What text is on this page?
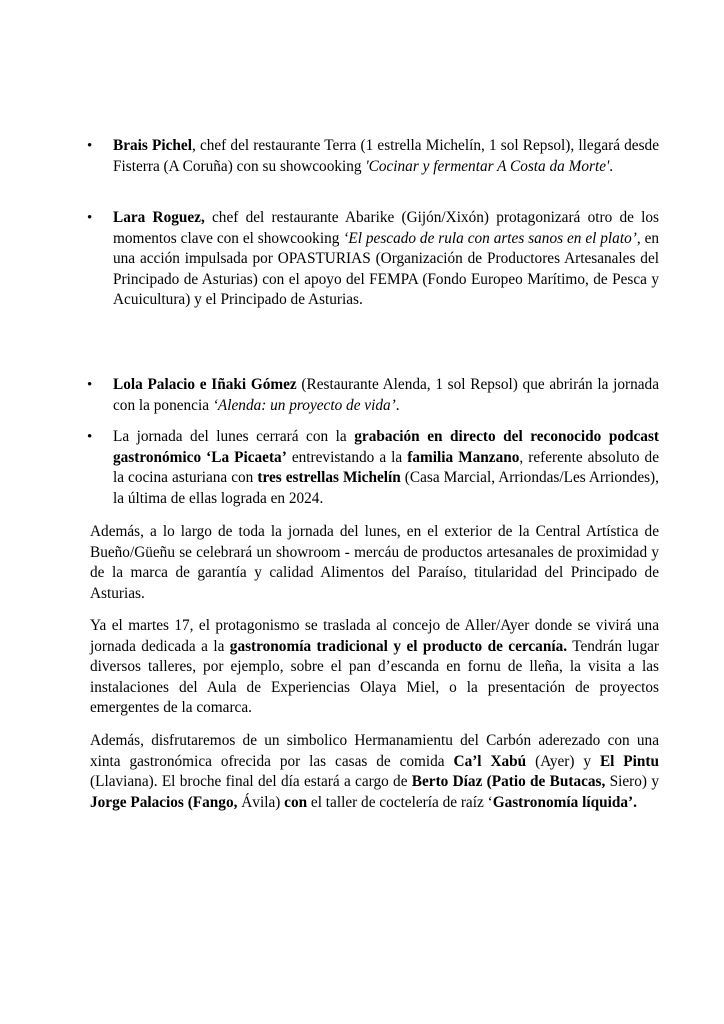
•	Brais Pichel, chef del restaurante Terra (1 estrella Michelín, 1 sol Repsol), llegará desde Fisterra (A Coruña) con su showcooking 'Cocinar y fermentar A Costa da Morte'.
•	Lara Roguez, chef del restaurante Abarike (Gijón/Xixón) protagonizará otro de los momentos clave con el showcooking ‘El pescado de rula con artes sanos en el plato’, en una acción impulsada por OPASTURIAS (Organización de Productores Artesanales del Principado de Asturias) con el apoyo del FEMPA (Fondo Europeo Marítimo, de Pesca y Acuicultura) y el Principado de Asturias.
•	Lola Palacio e Iñaki Gómez (Restaurante Alenda, 1 sol Repsol) que abrirán la jornada con la ponencia ‘Alenda: un proyecto de vida’.
•	La jornada del lunes cerrará con la grabación en directo del reconocido podcast gastronómico ‘La Picaeta’ entrevistando a la familia Manzano, referente absoluto de la cocina asturiana con tres estrellas Michelín (Casa Marcial, Arriondas/Les Arriondes), la última de ellas lograda en 2024.
Además, a lo largo de toda la jornada del lunes, en el exterior de la Central Artística de Bueño/Güeñu se celebrará un showroom - mercáu de productos artesanales de proximidad y de la marca de garantía y calidad Alimentos del Paraíso, titularidad del Principado de Asturias.
Ya el martes 17, el protagonismo se traslada al concejo de Aller/Ayer donde se vivirá una jornada dedicada a la gastronomía tradicional y el producto de cercanía. Tendrán lugar diversos talleres, por ejemplo, sobre el pan d’escanda en fornu de lleña, la visita a las instalaciones del Aula de Experiencias Olaya Miel, o la presentación de proyectos emergentes de la comarca.
Además, disfrutaremos de un simbolico Hermanamientu del Carbón aderezado con una xinta gastronómica ofrecida por las casas de comida Ca’l Xabú (Ayer) y El Pintu (Llaviana). El broche final del día estará a cargo de Berto Díaz (Patio de Butacas, Siero) y Jorge Palacios (Fango, Ávila) con el taller de coctelería de raíz ‘Gastronomía líquida’.
